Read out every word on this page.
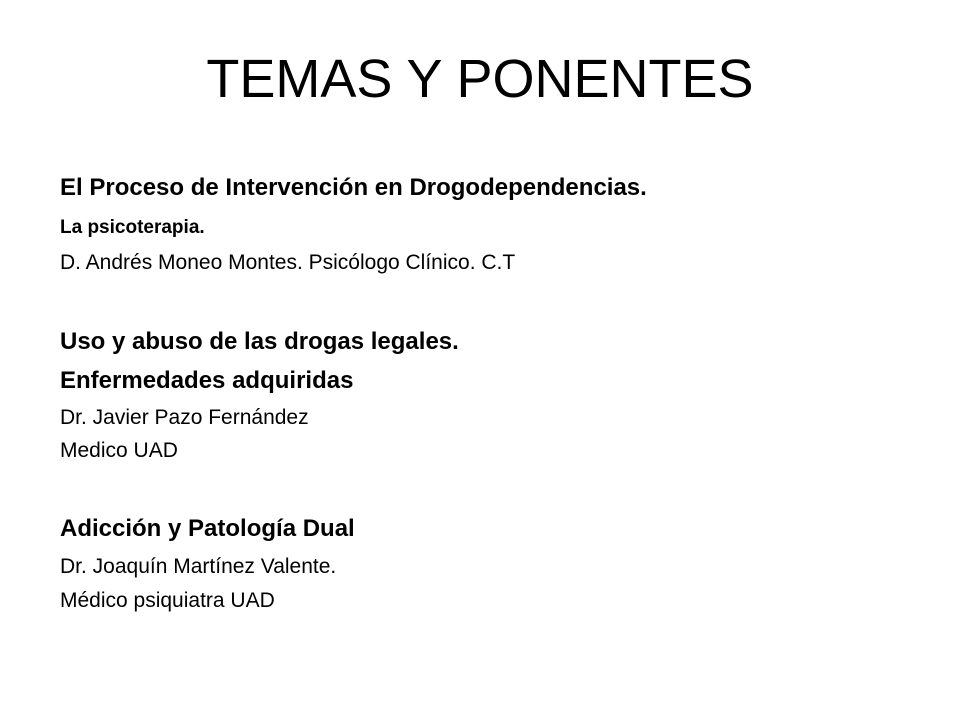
TEMAS Y PONENTES

El Proceso de Intervención en Drogodependencias.

La psicoterapia.

D. Andrés Moneo Montes. Psicólogo Clínico. C.T

Uso y abuso de las drogas legales.

Enfermedades adquiridas

Dr. Javier Pazo Fernández

Medico UAD

Adicción y Patología Dual

Dr. Joaquín Martínez Valente.

Médico psiquiatra UAD
